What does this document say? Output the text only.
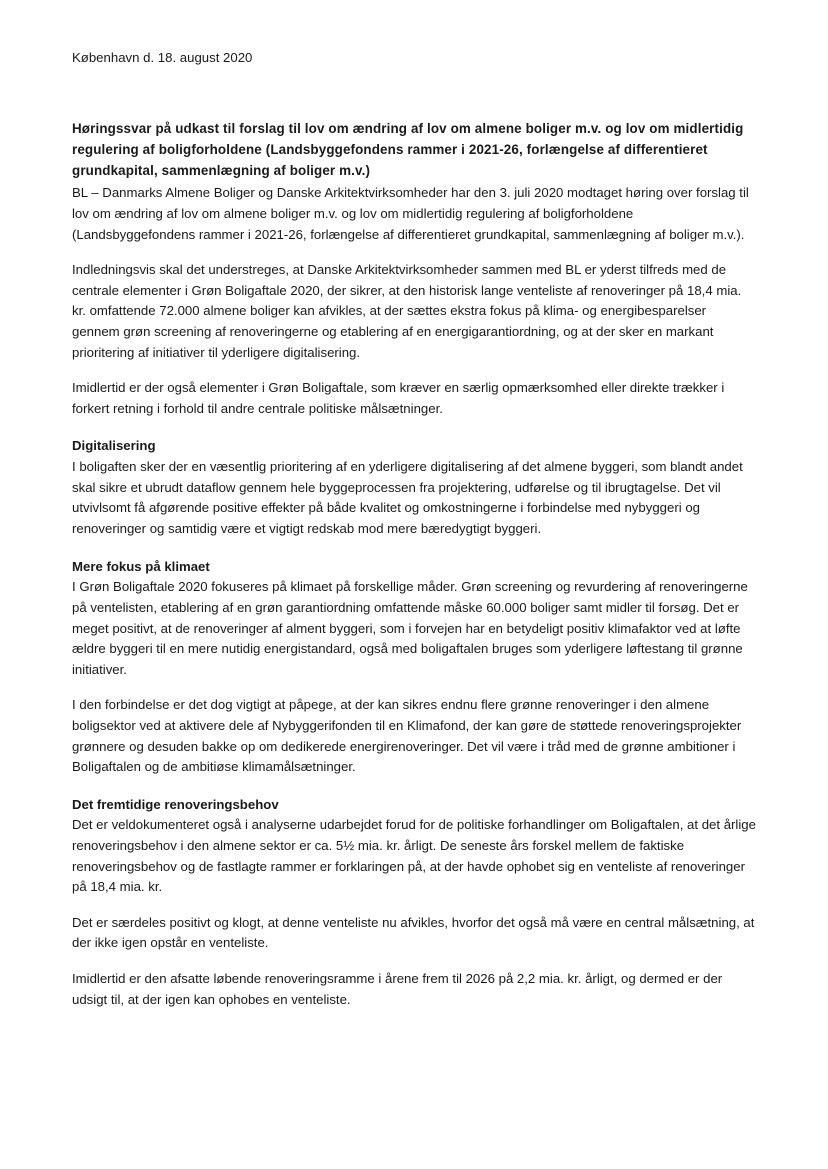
København d. 18. august 2020

Høringssvar på udkast til forslag til lov om ændring af lov om almene boliger m.v. og lov om midlertidig regulering af boligforholdene (Landsbyggefondens rammer i 2021-26, forlængelse af differentieret grundkapital, sammenlægning af boliger m.v.)

BL – Danmarks Almene Boliger og Danske Arkitektvirksomheder har den 3. juli 2020 modtaget høring over forslag til lov om ændring af lov om almene boliger m.v. og lov om midlertidig regulering af boligforholdene (Landsbyggefondens rammer i 2021-26, forlængelse af differentieret grundkapital, sammenlægning af boliger m.v.).

Indledningsvis skal det understreges, at Danske Arkitektvirksomheder sammen med BL er yderst tilfreds med de centrale elementer i Grøn Boligaftale 2020, der sikrer, at den historisk lange venteliste af renoveringer på 18,4 mia. kr. omfattende 72.000 almene boliger kan afvikles, at der sættes ekstra fokus på klima- og energibesparelser gennem grøn screening af renoveringerne og etablering af en energigarantiordning, og at der sker en markant prioritering af initiativer til yderligere digitalisering.

Imidlertid er der også elementer i Grøn Boligaftale, som kræver en særlig opmærksomhed eller direkte trækker i forkert retning i forhold til andre centrale politiske målsætninger.

Digitalisering

I boligaften sker der en væsentlig prioritering af en yderligere digitalisering af det almene byggeri, som blandt andet skal sikre et ubrudt dataflow gennem hele byggeprocessen fra projektering, udførelse og til ibrugtagelse. Det vil utvivlsomt få afgørende positive effekter på både kvalitet og omkostningerne i forbindelse med nybyggeri og renoveringer og samtidig være et vigtigt redskab mod mere bæredygtigt byggeri.

Mere fokus på klimaet

I Grøn Boligaftale 2020 fokuseres på klimaet på forskellige måder. Grøn screening og revurdering af renoveringerne på ventelisten, etablering af en grøn garantiordning omfattende måske 60.000 boliger samt midler til forsøg. Det er meget positivt, at de renoveringer af alment byggeri, som i forvejen har en betydeligt positiv klimafaktor ved at løfte ældre byggeri til en mere nutidig energistandard, også med boligaftalen bruges som yderligere løftestang til grønne initiativer.

I den forbindelse er det dog vigtigt at påpege, at der kan sikres endnu flere grønne renoveringer i den almene boligsektor ved at aktivere dele af Nybyggerifonden til en Klimafond, der kan gøre de støttede renoveringsprojekter grønnere og desuden bakke op om dedikerede energirenoveringer. Det vil være i tråd med de grønne ambitioner i Boligaftalen og de ambitiøse klimamålsætninger.

Det fremtidige renoveringsbehov

Det er veldokumenteret også i analyserne udarbejdet forud for de politiske forhandlinger om Boligaftalen, at det årlige renoveringsbehov i den almene sektor er ca. 5½ mia. kr. årligt. De seneste års forskel mellem de faktiske renoveringsbehov og de fastlagte rammer er forklaringen på, at der havde ophobet sig en venteliste af renoveringer på 18,4 mia. kr.

Det er særdeles positivt og klogt, at denne venteliste nu afvikles, hvorfor det også må være en central målsætning, at der ikke igen opstår en venteliste.

Imidlertid er den afsatte løbende renoveringsramme i årene frem til 2026 på 2,2 mia. kr. årligt, og dermed er der udsigt til, at der igen kan ophobes en venteliste.
